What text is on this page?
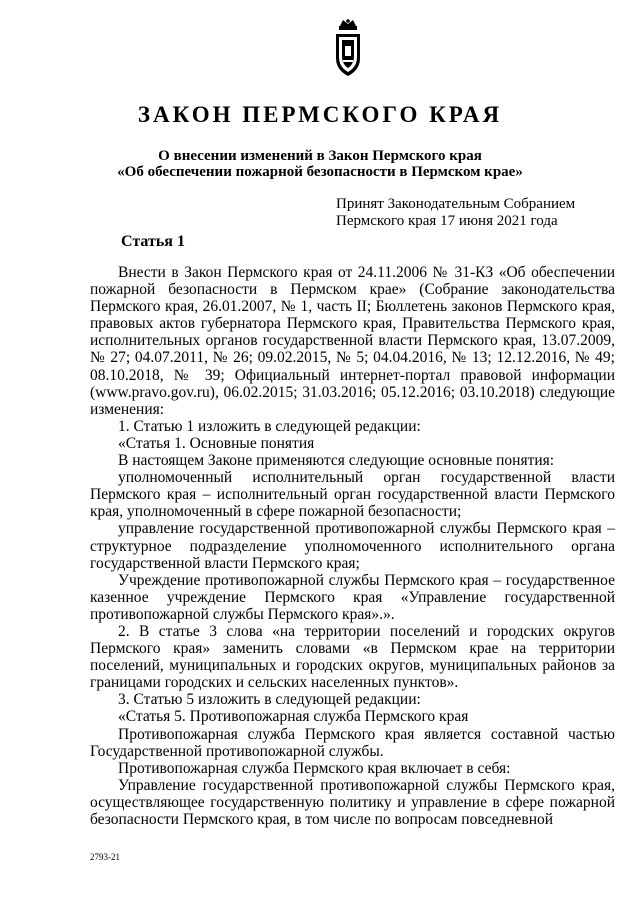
ЗАКОН ПЕРМСКОГО КРАЯ
О внесении изменений в Закон Пермского края
«Об обеспечении пожарной безопасности в Пермском крае»
Принят Законодательным Собранием
Пермского края 17 июня 2021 года
Статья 1

Внести в Закон Пермского края от 24.11.2006 № 31-КЗ «Об обеспечении пожарной безопасности в Пермском крае» (Собрание законодательства Пермского края, 26.01.2007, № 1, часть II; Бюллетень законов Пермского края, правовых актов губернатора Пермского края, Правительства Пермского края, исполнительных органов государственной власти Пермского края, 13.07.2009, № 27; 04.07.2011, № 26; 09.02.2015, № 5; 04.04.2016, № 13; 12.12.2016, № 49; 08.10.2018, № 39; Официальный интернет-портал правовой информации (www.pravo.gov.ru), 06.02.2015; 31.03.2016; 05.12.2016; 03.10.2018) следующие изменения:

1. Статью 1 изложить в следующей редакции:

«Статья 1. Основные понятия

В настоящем Законе применяются следующие основные понятия:

уполномоченный исполнительный орган государственной власти Пермского края – исполнительный орган государственной власти Пермского края, уполномоченный в сфере пожарной безопасности;

управление государственной противопожарной службы Пермского края – структурное подразделение уполномоченного исполнительного органа государственной власти Пермского края;

Учреждение противопожарной службы Пермского края – государственное казенное учреждение Пермского края «Управление государственной противопожарной службы Пермского края».».

2. В статье 3 слова «на территории поселений и городских округов Пермского края» заменить словами «в Пермском крае на территории поселений, муниципальных и городских округов, муниципальных районов за границами городских и сельских населенных пунктов».

3. Статью 5 изложить в следующей редакции:

«Статья 5. Противопожарная служба Пермского края

Противопожарная служба Пермского края является составной частью Государственной противопожарной службы.

Противопожарная служба Пермского края включает в себя:

Управление государственной противопожарной службы Пермского края, осуществляющее государственную политику и управление в сфере пожарной безопасности Пермского края, в том числе по вопросам повседневной

2793-21
